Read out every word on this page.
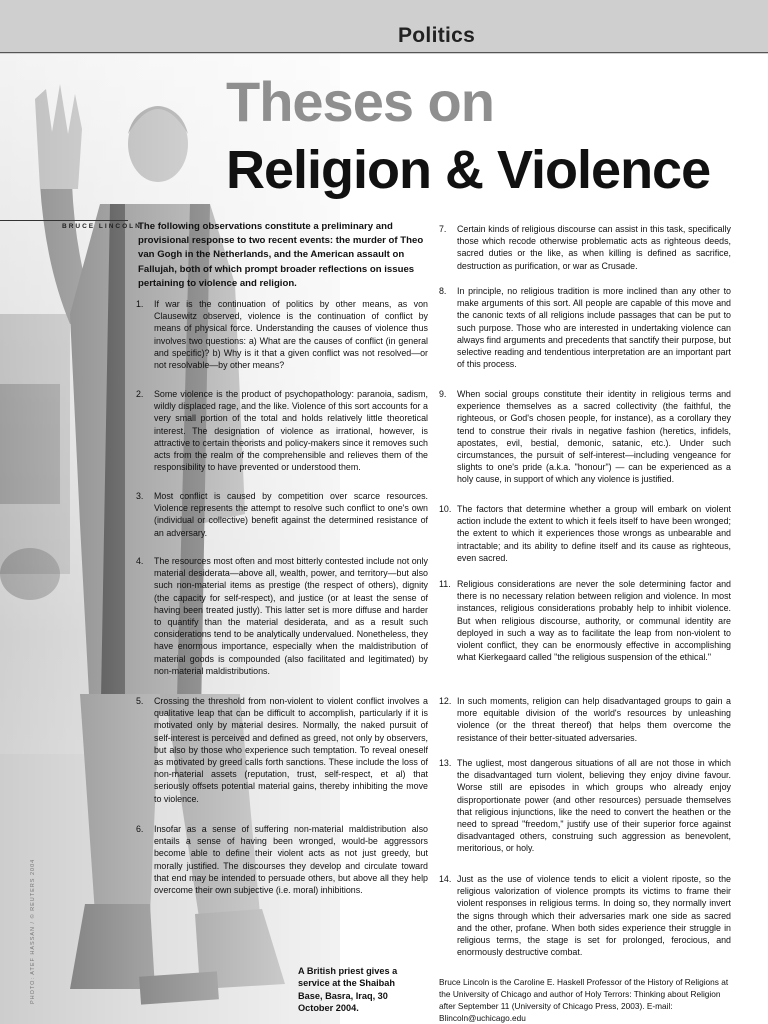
Politics
Theses on
Religion & Violence
BRUCE LINCOLN
The following observations constitute a preliminary and provisional response to two recent events: the murder of Theo van Gogh in the Netherlands, and the American assault on Fallujah, both of which prompt broader reflections on issues pertaining to violence and religion.
1.	If war is the continuation of politics by other means, as von Clausewitz observed, violence is the continuation of conflict by means of physical force. Understanding the causes of violence thus involves two questions: a) What are the causes of conflict (in general and specific)? b) Why is it that a given conflict was not resolved—or not resolvable—by other means?
2.	Some violence is the product of psychopathology: paranoia, sadism, wildly displaced rage, and the like. Violence of this sort accounts for a very small portion of the total and holds relatively little theoretical interest. The designation of violence as irrational, however, is attractive to certain theorists and policy-makers since it removes such acts from the realm of the comprehensible and relieves them of the responsibility to have prevented or understood them.
3.	Most conflict is caused by competition over scarce resources. Violence represents the attempt to resolve such conflict to one's own (individual or collective) benefit against the determined resistance of an adversary.
4.	The resources most often and most bitterly contested include not only material desiderata—above all, wealth, power, and territory—but also such non-material items as prestige (the respect of others), dignity (the capacity for self-respect), and justice (or at least the sense of having been treated justly). This latter set is more diffuse and harder to quantify than the material desiderata, and as a result such considerations tend to be analytically undervalued. Nonetheless, they have enormous importance, especially when the maldistribution of material goods is compounded (also facilitated and legitimated) by non-material maldistributions.
5.	Crossing the threshold from non-violent to violent conflict involves a qualitative leap that can be difficult to accomplish, particularly if it is motivated only by material desires. Normally, the naked pursuit of self-interest is perceived and defined as greed, not only by observers, but also by those who experience such temptation. To reveal oneself as motivated by greed calls forth sanctions. These include the loss of non-material assets (reputation, trust, self-respect, et al) that seriously offsets potential material gains, thereby inhibiting the move to violence.
6.	Insofar as a sense of suffering non-material maldistribution also entails a sense of having been wronged, would-be aggressors become able to define their violent acts as not just greedy, but morally justified. The discourses they develop and circulate toward that end may be intended to persuade others, but above all they help overcome their own subjective (i.e. moral) inhibitions.
7.	Certain kinds of religious discourse can assist in this task, specifically those which recode otherwise problematic acts as righteous deeds, sacred duties or the like, as when killing is defined as sacrifice, destruction as purification, or war as Crusade.
8.	In principle, no religious tradition is more inclined than any other to make arguments of this sort. All people are capable of this move and the canonic texts of all religions include passages that can be put to such purpose. Those who are interested in undertaking violence can always find arguments and precedents that sanctify their purpose, but selective reading and tendentious interpretation are an important part of this process.
9.	When social groups constitute their identity in religious terms and experience themselves as a sacred collectivity (the faithful, the righteous, or God's chosen people, for instance), as a corollary they tend to construe their rivals in negative fashion (heretics, infidels, apostates, evil, bestial, demonic, satanic, etc.). Under such circumstances, the pursuit of self-interest—including vengeance for slights to one's pride (a.k.a. "honour") — can be experienced as a holy cause, in support of which any violence is justified.
10. The factors that determine whether a group will embark on violent action include the extent to which it feels itself to have been wronged; the extent to which it experiences those wrongs as unbearable and intractable; and its ability to define itself and its cause as righteous, even sacred.
11. Religious considerations are never the sole determining factor and there is no necessary relation between religion and violence. In most instances, religious considerations probably help to inhibit violence. But when religious discourse, authority, or communal identity are deployed in such a way as to facilitate the leap from non-violent to violent conflict, they can be enormously effective in accomplishing what Kierkegaard called "the religious suspension of the ethical."
12. In such moments, religion can help disadvantaged groups to gain a more equitable division of the world's resources by unleashing violence (or the threat thereof) that helps them overcome the resistance of their better-situated adversaries.
13. The ugliest, most dangerous situations of all are not those in which the disadvantaged turn violent, believing they enjoy divine favour. Worse still are episodes in which groups who already enjoy disproportionate power (and other resources) persuade themselves that religious injunctions, like the need to convert the heathen or the need to spread "freedom," justify use of their superior force against disadvantaged others, construing such aggression as benevolent, meritorious, or holy.
14. Just as the use of violence tends to elicit a violent riposte, so the religious valorization of violence prompts its victims to frame their violent responses in religious terms. In doing so, they normally invert the signs through which their adversaries mark one side as sacred and the other, profane. When both sides experience their struggle in religious terms, the stage is set for prolonged, ferocious, and enormously destructive combat.
A British priest gives a service at the Shaibah Base, Basra, Iraq, 30 October 2004.
Bruce Lincoln is the Caroline E. Haskell Professor of the History of Religions at the University of Chicago and author of Holy Terrors: Thinking about Religion after September 11 (University of Chicago Press, 2003). E-mail: Blincoln@uchicago.edu
PHOTO: ATEF HASSAN / © REUTERS 2004
